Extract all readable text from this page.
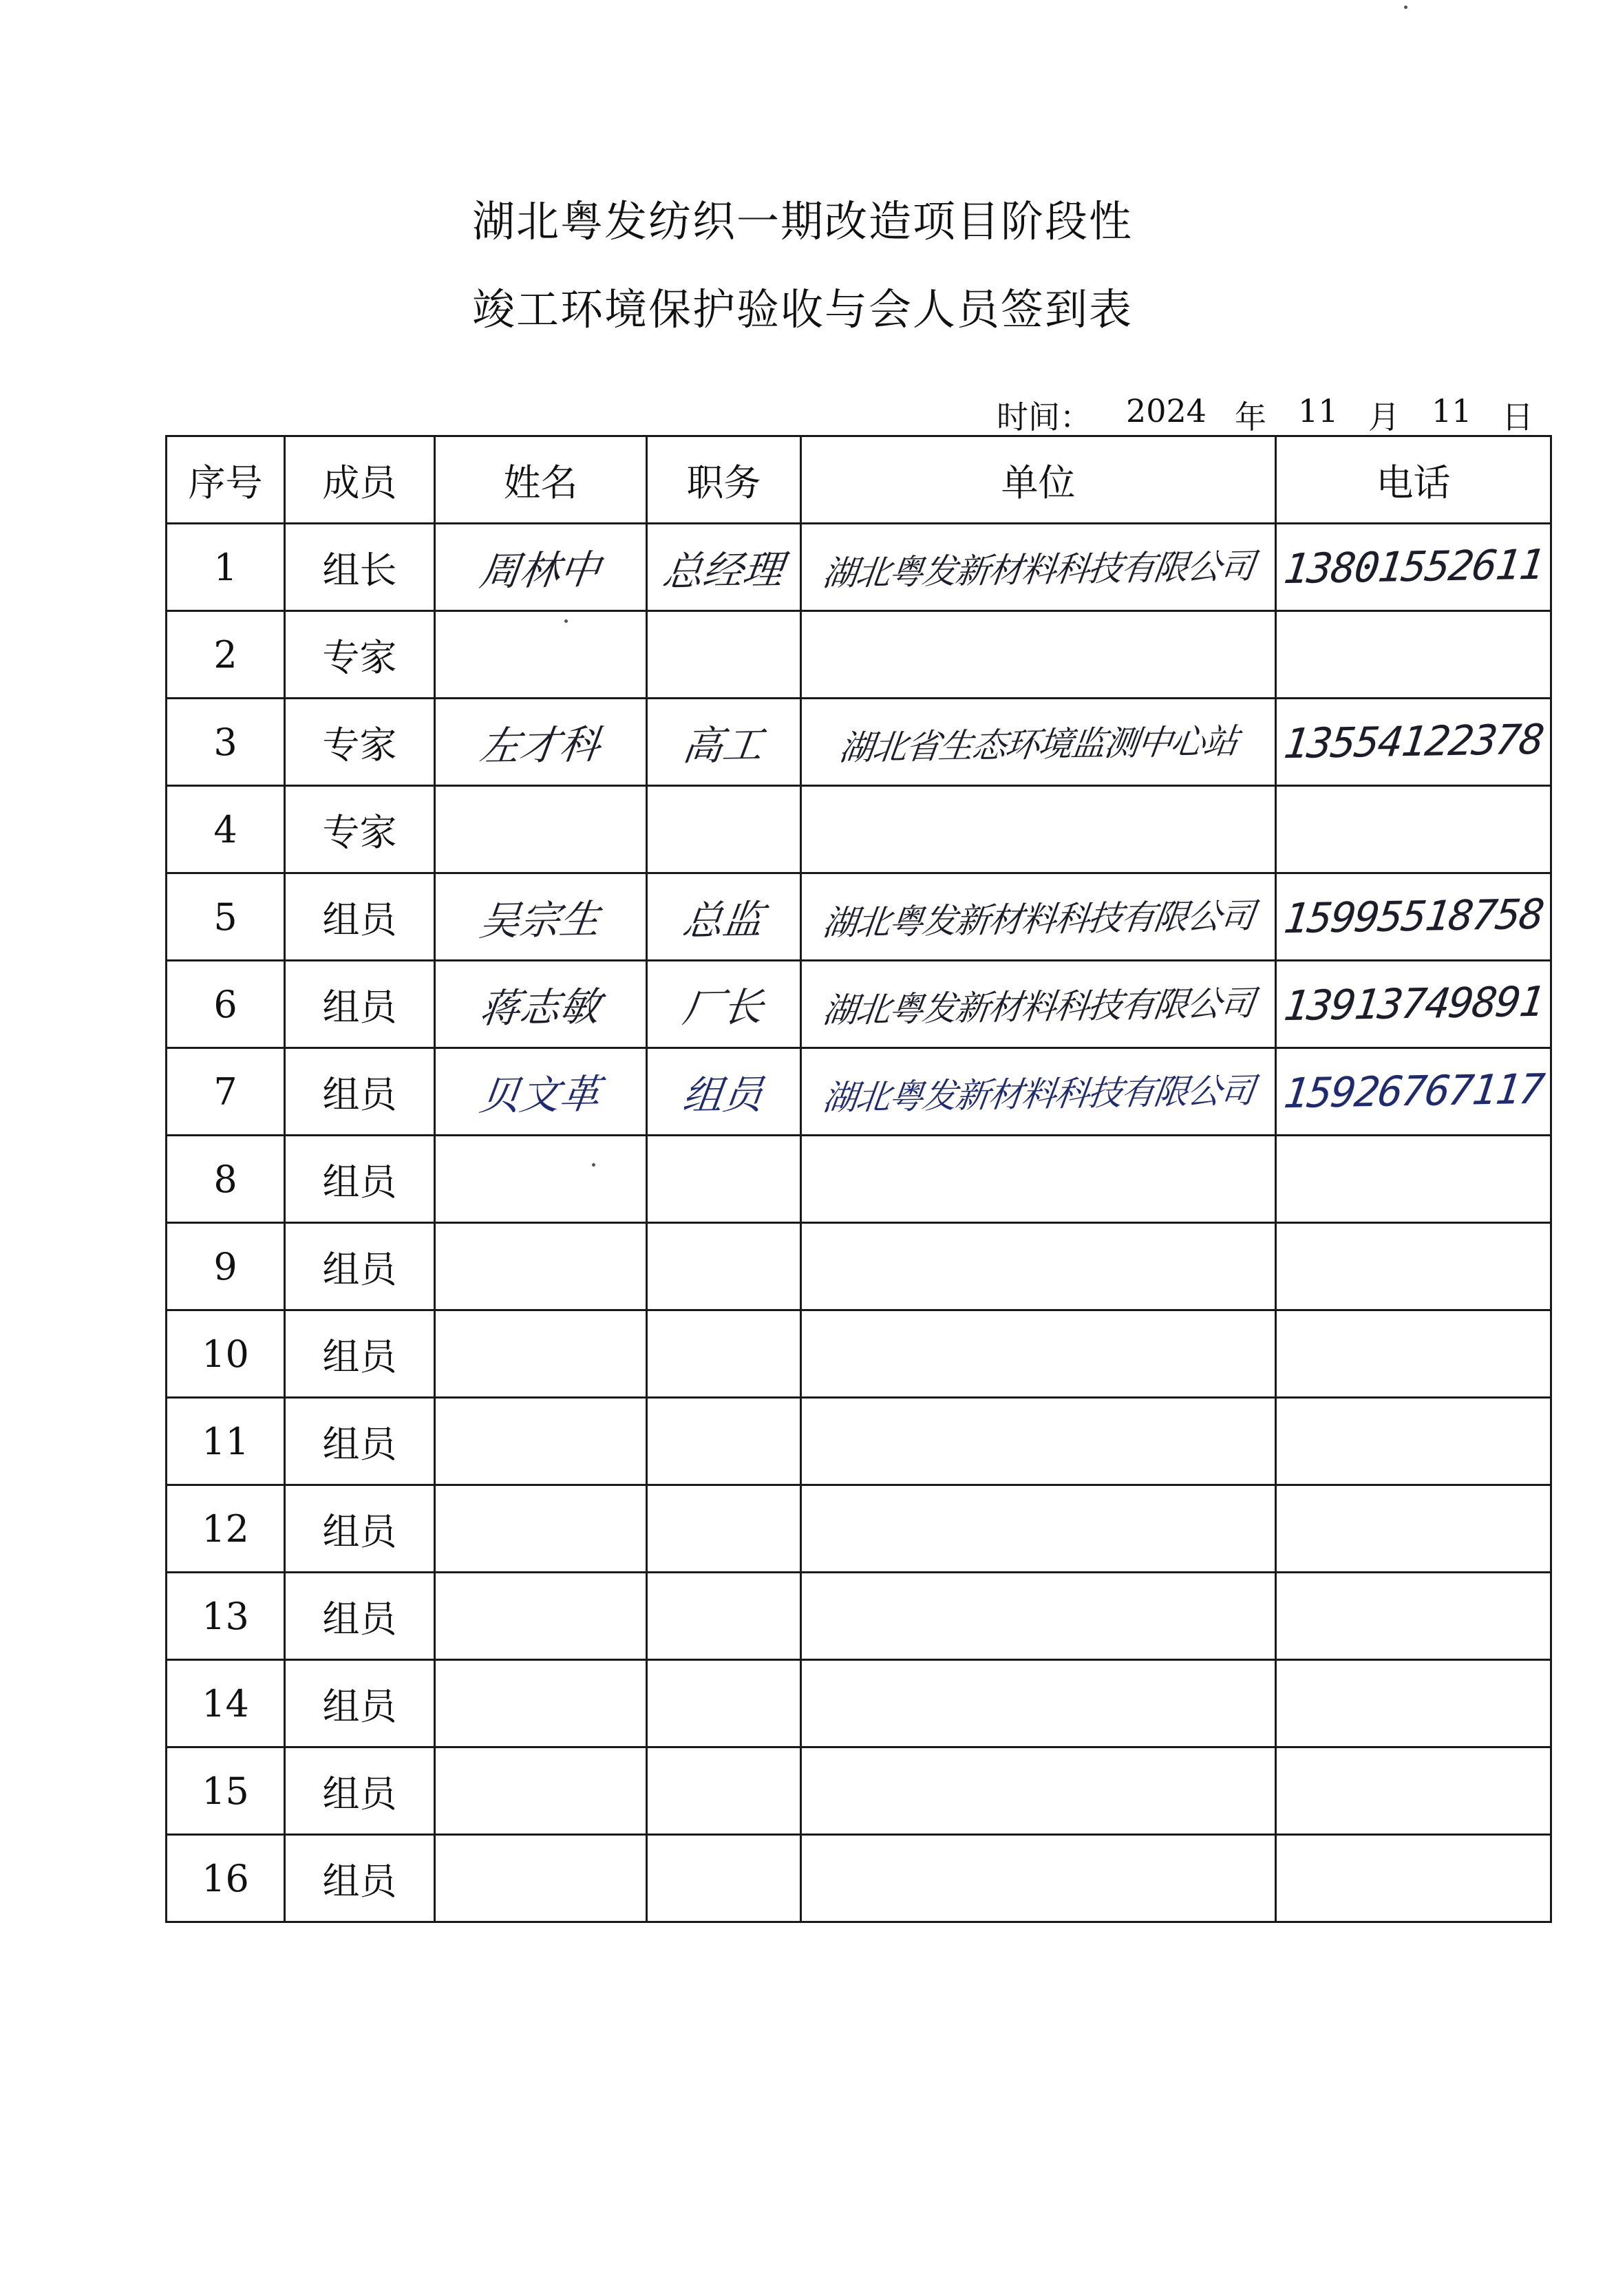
湖北粤发纺织一期改造项目阶段性
竣工环境保护验收与会人员签到表
时间： 2024 年 11 月 11 日
序号	成员	姓名	职务	单位	电话
1	组长	周林中	总经理	湖北粤发新材料科技有限公司	13801552611
2	专家				
3	专家	左才科	高工	湖北省生态环境监测中心站	13554122378
4	专家				
5	组员	吴宗生	总监	湖北粤发新材料科技有限公司	15995518758
6	组员	蒋志敏	厂长	湖北粤发新材料科技有限公司	13913749891
7	组员	贝文革	组员	湖北粤发新材料科技有限公司	15926767117
8	组员				
9	组员				
10	组员				
11	组员				
12	组员				
13	组员				
14	组员				
15	组员				
16	组员				
